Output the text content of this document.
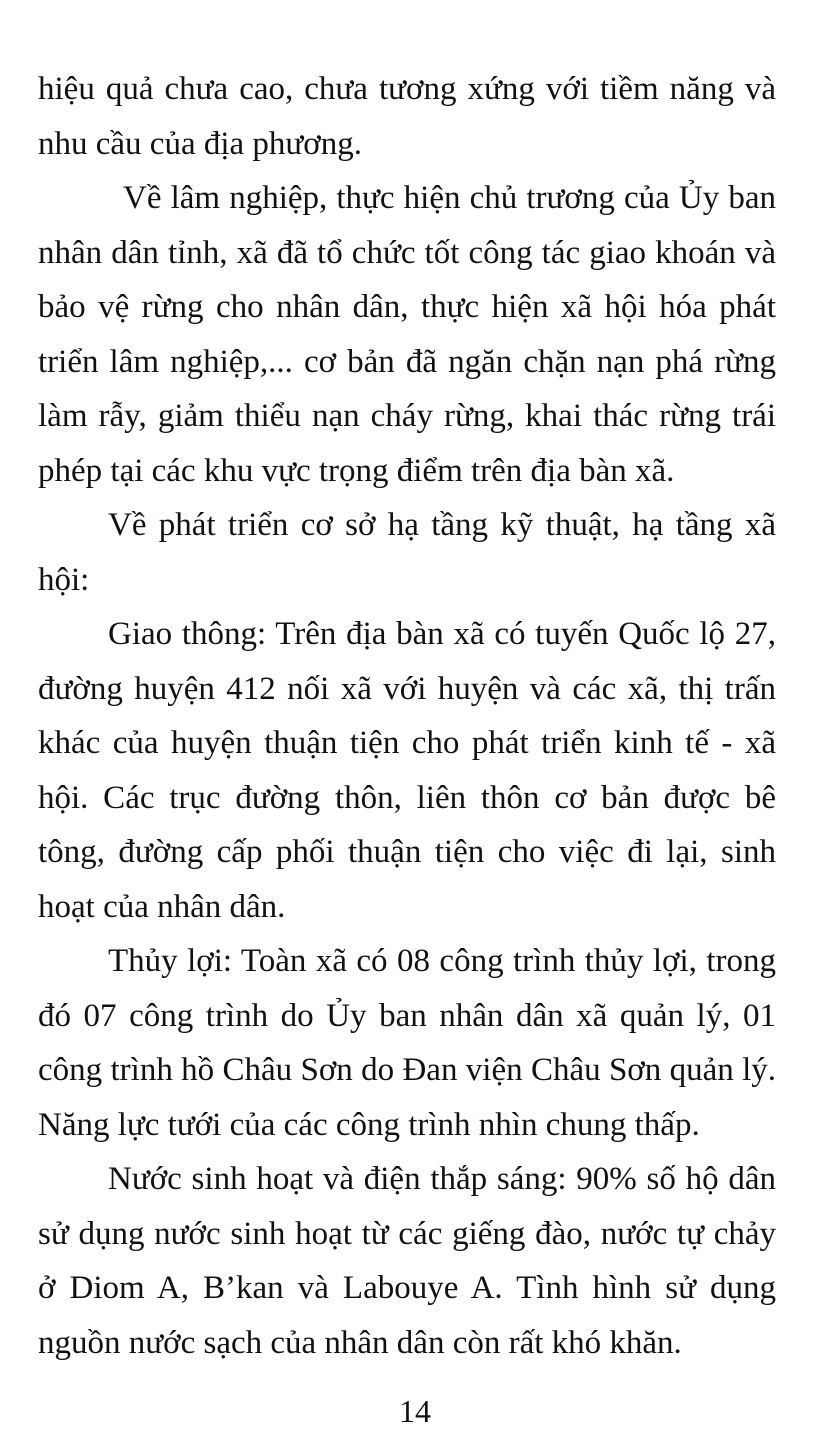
hiệu quả chưa cao, chưa tương xứng với tiềm năng và nhu cầu của địa phương.

Về lâm nghiệp, thực hiện chủ trương của Ủy ban nhân dân tỉnh, xã đã tổ chức tốt công tác giao khoán và bảo vệ rừng cho nhân dân, thực hiện xã hội hóa phát triển lâm nghiệp,... cơ bản đã ngăn chặn nạn phá rừng làm rẫy, giảm thiểu nạn cháy rừng, khai thác rừng trái phép tại các khu vực trọng điểm trên địa bàn xã.

Về phát triển cơ sở hạ tầng kỹ thuật, hạ tầng xã hội:

Giao thông: Trên địa bàn xã có tuyến Quốc lộ 27, đường huyện 412 nối xã với huyện và các xã, thị trấn khác của huyện thuận tiện cho phát triển kinh tế - xã hội. Các trục đường thôn, liên thôn cơ bản được bê tông, đường cấp phối thuận tiện cho việc đi lại, sinh hoạt của nhân dân.

Thủy lợi: Toàn xã có 08 công trình thủy lợi, trong đó 07 công trình do Ủy ban nhân dân xã quản lý, 01 công trình hồ Châu Sơn do Đan viện Châu Sơn quản lý. Năng lực tưới của các công trình nhìn chung thấp.

Nước sinh hoạt và điện thắp sáng: 90% số hộ dân sử dụng nước sinh hoạt từ các giếng đào, nước tự chảy ở Diom A, B’kan và Labouye A. Tình hình sử dụng nguồn nước sạch của nhân dân còn rất khó khăn.

14
